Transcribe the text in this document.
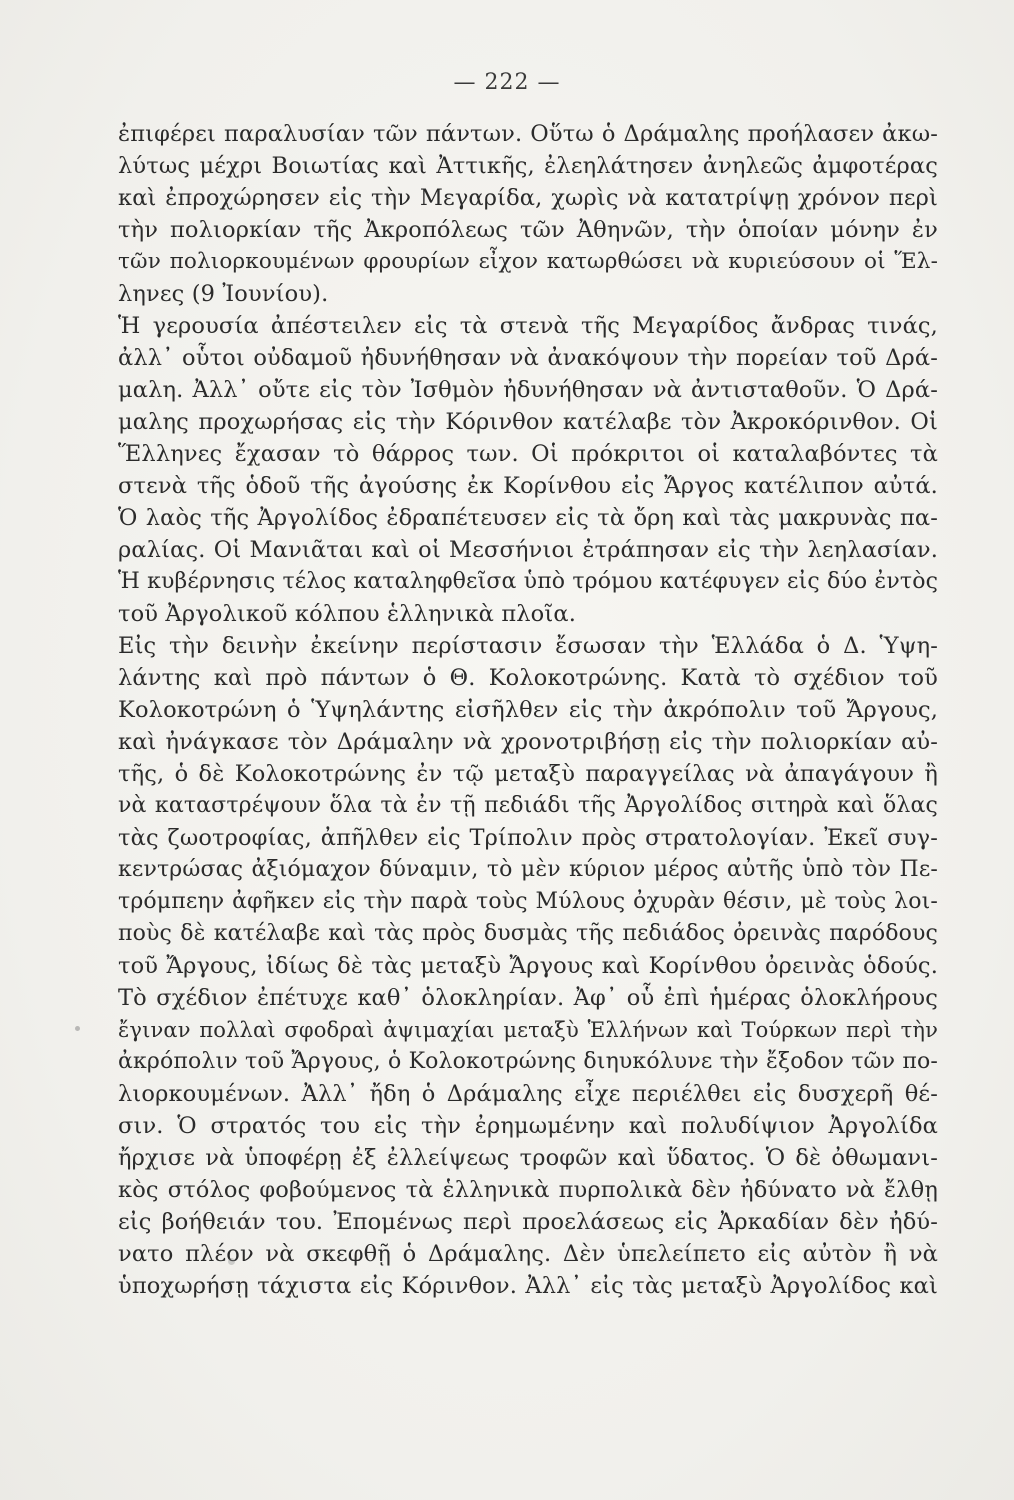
— 222 —
ἐπιφέρει παραλυσίαν τῶν πάντων. Οὕτω ὁ Δράμαλης προήλασεν ἀκω-
λύτως μέχρι Βοιωτίας καὶ Ἀττικῆς, ἐλεηλάτησεν ἀνηλεῶς ἀμφοτέρας
καὶ ἐπροχώρησεν εἰς τὴν Μεγαρίδα, χωρὶς νὰ κατατρίψῃ χρόνον περὶ
τὴν πολιορκίαν τῆς Ἀκροπόλεως τῶν Ἀθηνῶν, τὴν ὁποίαν μόνην ἐν
τῶν πολιορκουμένων φρουρίων εἶχον κατωρθώσει νὰ κυριεύσουν οἱ Ἕλ-
ληνες (9 Ἰουνίου).
Ἡ γερουσία ἀπέστειλεν εἰς τὰ στενὰ τῆς Μεγαρίδος ἄνδρας τινάς,
ἀλλ᾽ οὗτοι οὐδαμοῦ ἠδυνήθησαν νὰ ἀνακόψουν τὴν πορείαν τοῦ Δρά-
μαλη. Ἀλλ᾽ οὔτε εἰς τὸν Ἰσθμὸν ἠδυνήθησαν νὰ ἀντισταθοῦν. Ὁ Δρά-
μαλης προχωρήσας εἰς τὴν Κόρινθον κατέλαβε τὸν Ἀκροκόρινθον. Οἱ
Ἕλληνες ἔχασαν τὸ θάρρος των. Οἱ πρόκριτοι οἱ καταλαβόντες τὰ
στενὰ τῆς ὁδοῦ τῆς ἀγούσης ἐκ Κορίνθου εἰς Ἄργος κατέλιπον αὐτά.
Ὁ λαὸς τῆς Ἀργολίδος ἐδραπέτευσεν εἰς τὰ ὄρη καὶ τὰς μακρυνὰς πα-
ραλίας. Οἱ Μανιᾶται καὶ οἱ Μεσσήνιοι ἐτράπησαν εἰς τὴν λεηλασίαν.
Ἡ κυβέρνησις τέλος καταληφθεῖσα ὑπὸ τρόμου κατέφυγεν εἰς δύο ἐντὸς
τοῦ Ἀργολικοῦ κόλπου ἑλληνικὰ πλοῖα.
Εἰς τὴν δεινὴν ἐκείνην περίστασιν ἔσωσαν τὴν Ἑλλάδα ὁ Δ. Ὑψη-
λάντης καὶ πρὸ πάντων ὁ Θ. Κολοκοτρώνης. Κατὰ τὸ σχέδιον τοῦ
Κολοκοτρώνη ὁ Ὑψηλάντης εἰσῆλθεν εἰς τὴν ἀκρόπολιν τοῦ Ἄργους,
καὶ ἠνάγκασε τὸν Δράμαλην νὰ χρονοτριβήσῃ εἰς τὴν πολιορκίαν αὐ-
τῆς, ὁ δὲ Κολοκοτρώνης ἐν τῷ μεταξὺ παραγγείλας νὰ ἀπαγάγουν ἢ
νὰ καταστρέψουν ὅλα τὰ ἐν τῇ πεδιάδι τῆς Ἀργολίδος σιτηρὰ καὶ ὅλας
τὰς ζωοτροφίας, ἀπῆλθεν εἰς Τρίπολιν πρὸς στρατολογίαν. Ἐκεῖ συγ-
κεντρώσας ἀξιόμαχον δύναμιν, τὸ μὲν κύριον μέρος αὐτῆς ὑπὸ τὸν Πε-
τρόμπεην ἀφῆκεν εἰς τὴν παρὰ τοὺς Μύλους ὀχυρὰν θέσιν, μὲ τοὺς λοι-
ποὺς δὲ κατέλαβε καὶ τὰς πρὸς δυσμὰς τῆς πεδιάδος ὀρεινὰς παρόδους
τοῦ Ἄργους, ἰδίως δὲ τὰς μεταξὺ Ἄργους καὶ Κορίνθου ὀρεινὰς ὁδούς.
Τὸ σχέδιον ἐπέτυχε καθ᾽ ὁλοκληρίαν. Ἀφ᾽ οὗ ἐπὶ ἡμέρας ὁλοκλήρους
ἔγιναν πολλαὶ σφοδραὶ ἀψιμαχίαι μεταξὺ Ἑλλήνων καὶ Τούρκων περὶ τὴν
ἀκρόπολιν τοῦ Ἄργους, ὁ Κολοκοτρώνης διηυκόλυνε τὴν ἔξοδον τῶν πο-
λιορκουμένων. Ἀλλ᾽ ἤδη ὁ Δράμαλης εἶχε περιέλθει εἰς δυσχερῆ θέ-
σιν. Ὁ στρατός του εἰς τὴν ἐρημωμένην καὶ πολυδίψιον Ἀργολίδα
ἤρχισε νὰ ὑποφέρῃ ἐξ ἐλλείψεως τροφῶν καὶ ὕδατος. Ὁ δὲ ὀθωμανι-
κὸς στόλος φοβούμενος τὰ ἑλληνικὰ πυρπολικὰ δὲν ἠδύνατο νὰ ἔλθῃ
εἰς βοήθειάν του. Ἐπομένως περὶ προελάσεως εἰς Ἀρκαδίαν δὲν ἠδύ-
νατο πλέον νὰ σκεφθῇ ὁ Δράμαλης. Δὲν ὑπελείπετο εἰς αὐτὸν ἢ νὰ
ὑποχωρήσῃ τάχιστα εἰς Κόρινθον. Ἀλλ᾽ εἰς τὰς μεταξὺ Ἀργολίδος καὶ
